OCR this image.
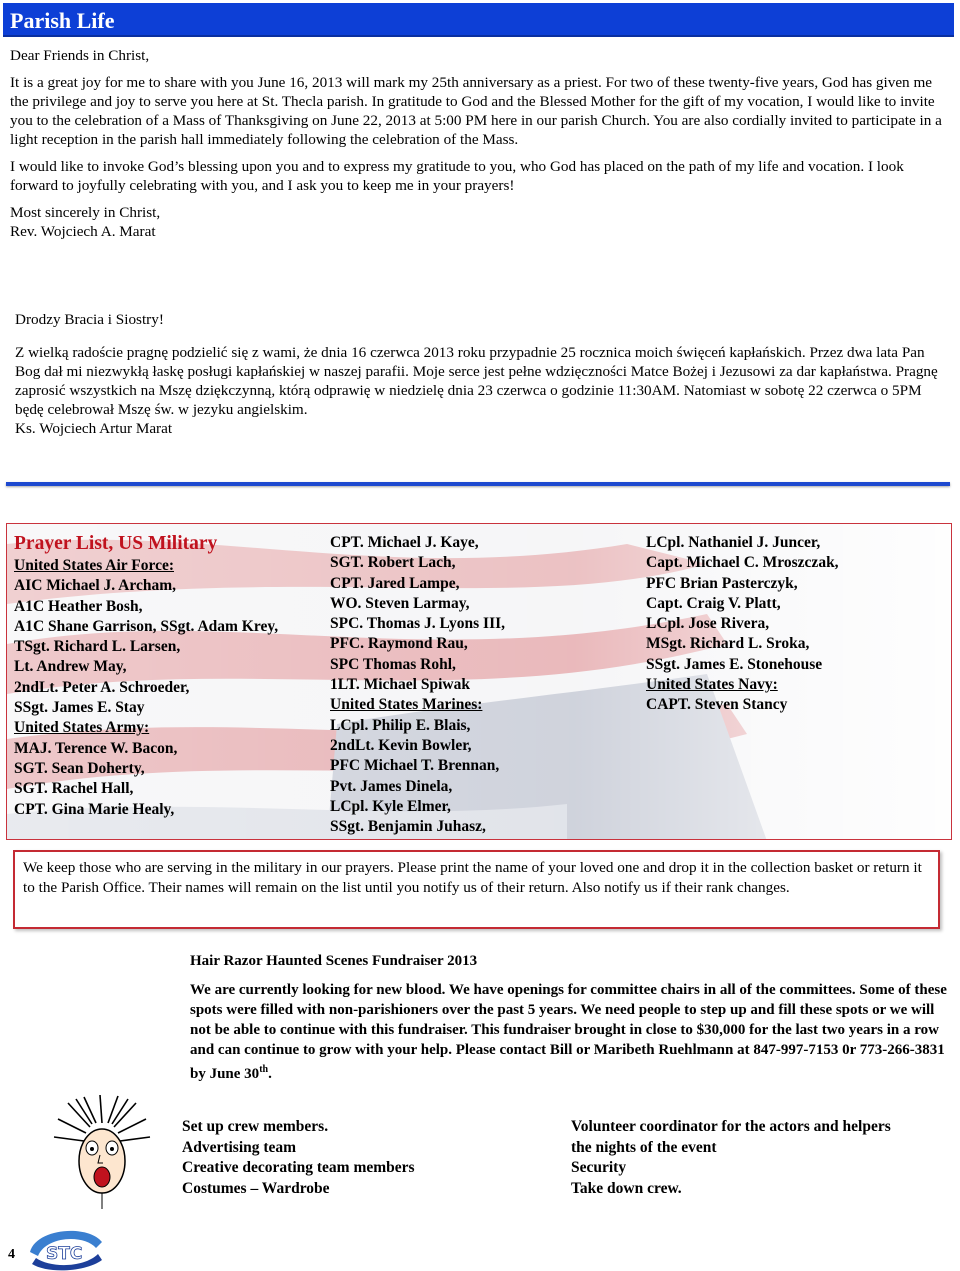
Parish Life

Dear Friends in Christ,

It is a great joy for me to share with you June 16, 2013 will mark my 25th anniversary as a priest. For two of these twenty-five years, God has given me the privilege and joy to serve you here at St. Thecla parish. In gratitude to God and the Blessed Mother for the gift of my vocation, I would like to invite you to the celebration of a Mass of Thanksgiving on June 22, 2013 at 5:00 PM here in our parish Church. You are also cordially invited to participate in a light reception in the parish hall immediately following the celebration of the Mass.

I would like to invoke God’s blessing upon you and to express my gratitude to you, who God has placed on the path of my life and vocation. I look forward to joyfully celebrating with you, and I ask you to keep me in your prayers!

Most sincerely in Christ,

Rev. Wojciech A. Marat

Drodzy Bracia i Siostry!

Z wielką radoście pragnę podzielić się z wami, że dnia 16 czerwca 2013 roku przypadnie 25 rocznica moich święceń kapłańskich. Przez dwa lata Pan Bog dał mi niezwykłą łaskę posługi kapłańskiej w naszej parafii. Moje serce jest pełne wdzięczności Matce Bożej i Jezusowi za dar kapłaństwa. Pragnę zaprosić wszystkich na Mszę dziękczynną, którą odprawię w niedzielę dnia 23 czerwca o godzinie 11:30AM. Natomiast w sobotę 22 czerwca o 5PM będę celebrował Mszę św. w jezyku angielskim.

Ks. Wojciech Artur Marat

Prayer List, US Military
United States Air Force:
AIC Michael J. Archam,
A1C Heather Bosh,
A1C Shane Garrison, SSgt. Adam Krey,
TSgt. Richard L. Larsen,
Lt. Andrew May,
2ndLt. Peter A. Schroeder,
SSgt. James E. Stay
United States Army:
MAJ. Terence W. Bacon,
SGT. Sean Doherty,
SGT. Rachel Hall,
CPT. Gina Marie Healy,
CPT. Michael J. Kaye,
SGT. Robert Lach,
CPT. Jared Lampe,
WO. Steven Larmay,
SPC. Thomas J. Lyons III,
PFC. Raymond Rau,
SPC Thomas Rohl,
1LT. Michael Spiwak
United States Marines:
LCpl. Philip E. Blais,
2ndLt. Kevin Bowler,
PFC Michael T. Brennan,
Pvt. James Dinela,
LCpl. Kyle Elmer,
SSgt. Benjamin Juhasz,
LCpl. Nathaniel J. Juncer,
Capt. Michael C. Mroszczak,
PFC Brian Pasterczyk,
Capt. Craig V. Platt,
LCpl. Jose Rivera,
MSgt. Richard L. Sroka,
SSgt. James E. Stonehouse
United States Navy:
CAPT. Steven Stancy
We keep those who are serving in the military in our prayers. Please print the name of your loved one and drop it in the collection basket or return it to the Parish Office. Their names will remain on the list until you notify us of their return. Also notify us if their rank changes.
Hair Razor Haunted Scenes Fundraiser 2013
We are currently looking for new blood. We have openings for committee chairs in all of the committees. Some of these spots were filled with non-parishioners over the past 5 years. We need people to step up and fill these spots or we will not be able to continue with this fundraiser. This fundraiser brought in close to $30,000 for the last two years in a row and can continue to grow with your help. Please contact Bill or Maribeth Ruehlmann at 847-997-7153 0r 773-266-3831 by June 30th.
Set up crew members.
Advertising team
Creative decorating team members
Costumes – Wardrobe
Volunteer coordinator for the actors and helpers
the nights of the event
Security
Take down crew.
4 STC
